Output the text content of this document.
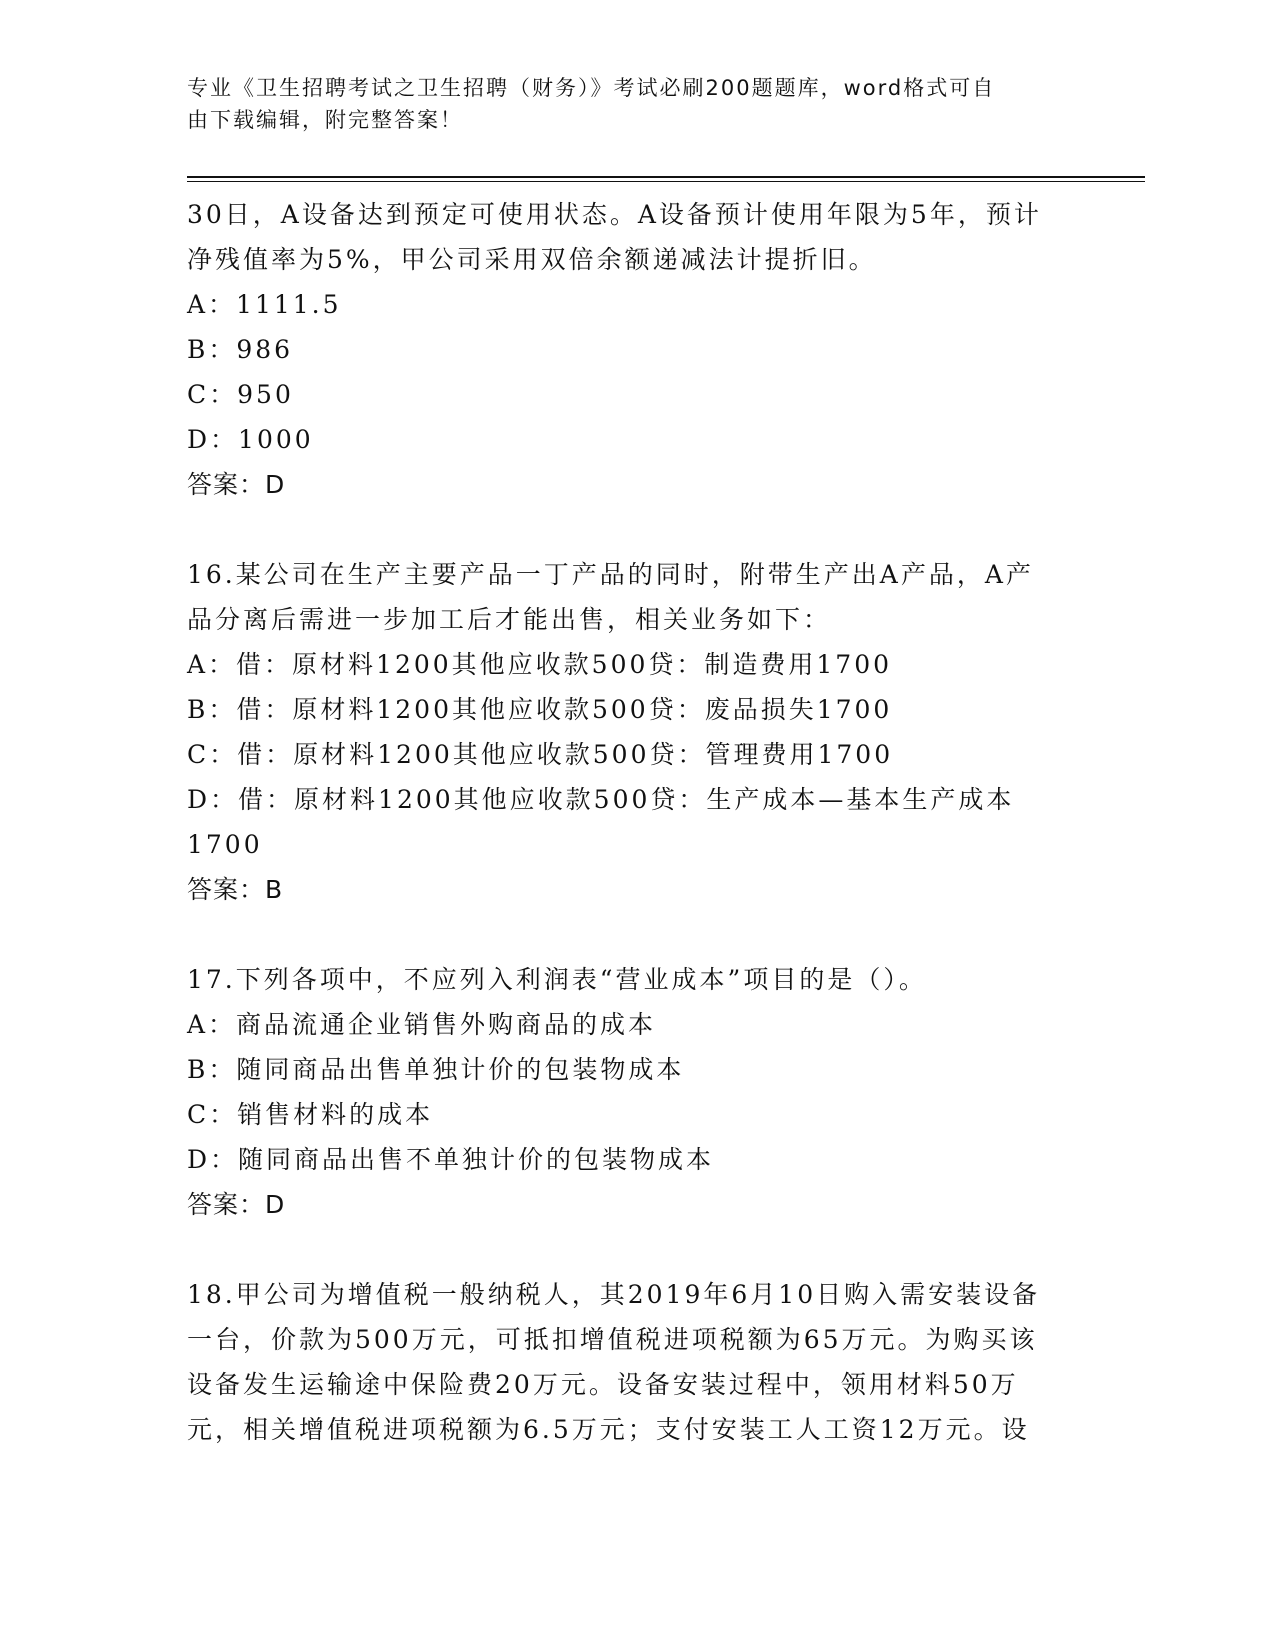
专业《卫生招聘考试之卫生招聘（财务）》考试必刷200题题库，word格式可自
由下载编辑，附完整答案！
30日，A设备达到预定可使用状态。A设备预计使用年限为5年，预计
净残值率为5%，甲公司采用双倍余额递减法计提折旧。
A：1111.5
B：986
C：950
D：1000
答案：D
16.某公司在生产主要产品一丁产品的同时，附带生产出A产品，A产
品分离后需进一步加工后才能出售，相关业务如下：
A：借：原材料1200其他应收款500贷：制造费用1700
B：借：原材料1200其他应收款500贷：废品损失1700
C：借：原材料1200其他应收款500贷：管理费用1700
D：借：原材料1200其他应收款500贷：生产成本—基本生产成本
1700
答案：B
17.下列各项中，不应列入利润表“营业成本”项目的是（）。
A：商品流通企业销售外购商品的成本
B：随同商品出售单独计价的包装物成本
C：销售材料的成本
D：随同商品出售不单独计价的包装物成本
答案：D
18.甲公司为增值税一般纳税人，其2019年6月10日购入需安装设备
一台，价款为500万元，可抵扣增值税进项税额为65万元。为购买该
设备发生运输途中保险费20万元。设备安装过程中，领用材料50万
元，相关增值税进项税额为6.5万元；支付安装工人工资12万元。设
